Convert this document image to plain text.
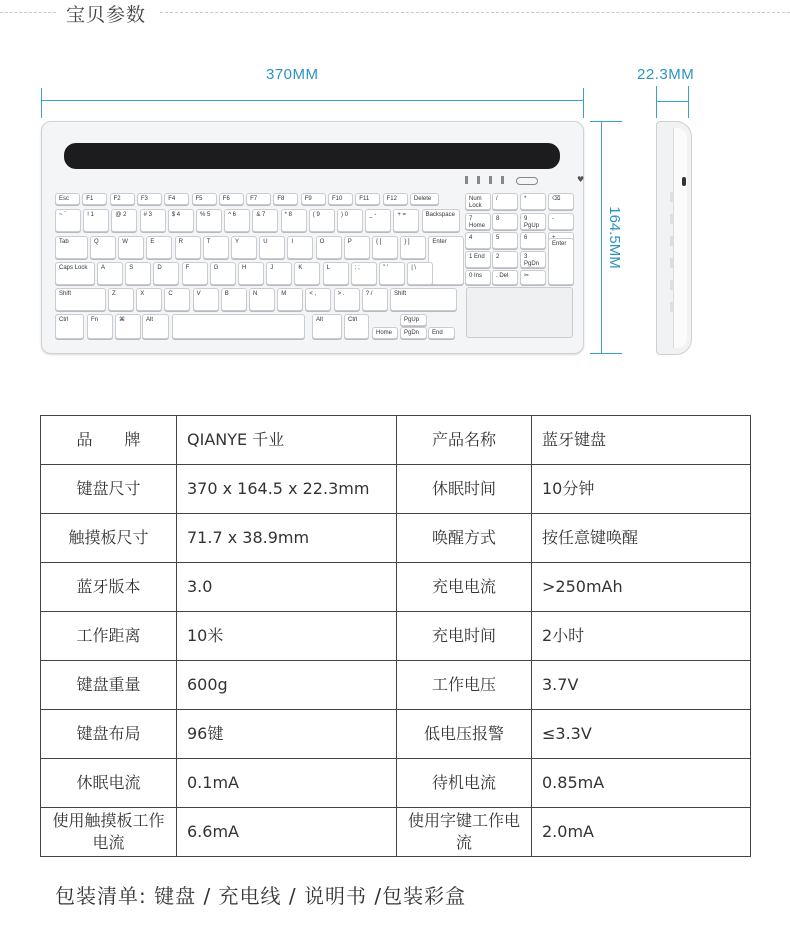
宝贝参数
370MM	22.3MM
164.5MM
♥
Esc	F1	F2	F3	F4	F5	F6	F7	F8	F9	F10	F11	F12	Delete
~ `	! 1	@ 2	# 3	$ 4	% 5	^ 6	& 7	* 8	( 9	) 0	_ -	+ =	Backspace
Tab	Q	W	E	R	T	Y	U	I	O	P	{ [	} ]	Enter
Caps Lock	A	S	D	F	G	H	J	K	L	: ;	" '	| \
Shift	Z	X	C	V	B	N	M	< ,	> .	? /	Shift
Ctrl	Fn	⌘	Alt	Alt	Ctrl	PgUp
Home	PgDn	End
Num Lock
/	*	⌫
7 Home
8	9 PgUp
-
4	5	6
1 End	2	3 PgDn
Enter
0 Ins	. Del	✂
品　　牌	QIANYE 千业	产品名称	蓝牙键盘
键盘尺寸	370 x 164.5 x 22.3mm	休眠时间	10分钟
触摸板尺寸	71.7 x 38.9mm	唤醒方式	按任意键唤醒
蓝牙版本	3.0	充电电流	>250mAh
工作距离	10米	充电时间	2小时
键盘重量	600g	工作电压	3.7V
键盘布局	96键	低电压报警	≤3.3V
休眠电流	0.1mA	待机电流	0.85mA
使用触摸板工作电流	6.6mA	使用字键工作电流	2.0mA
包装清单: 键盘 / 充电线 / 说明书 /包装彩盒
